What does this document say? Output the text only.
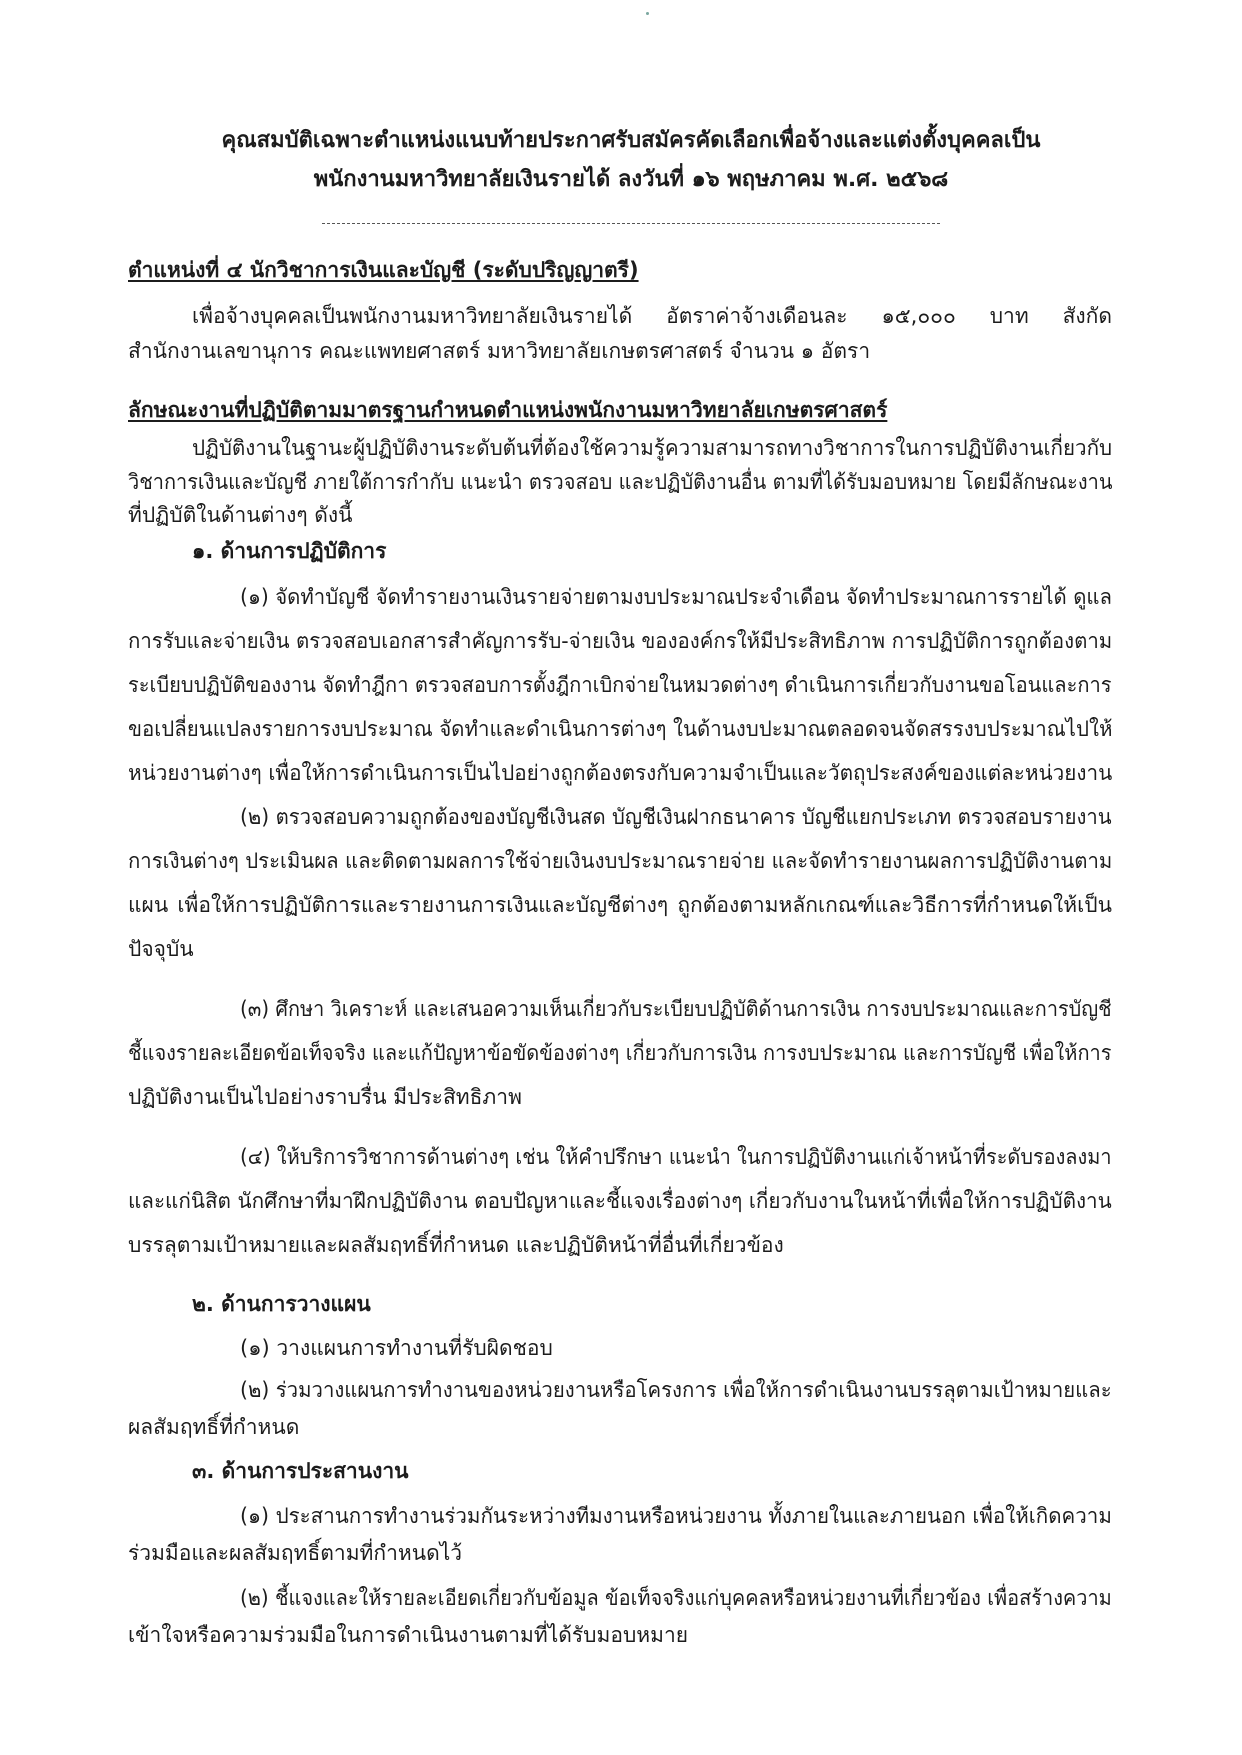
คุณสมบัติเฉพาะตำแหน่งแนบท้ายประกาศรับสมัครคัดเลือกเพื่อจ้างและแต่งตั้งบุคคลเป็น
พนักงานมหาวิทยาลัยเงินรายได้ ลงวันที่ ๑๖ พฤษภาคม พ.ศ. ๒๕๖๘
ตำแหน่งที่ ๔ นักวิชาการเงินและบัญชี (ระดับปริญญาตรี)
เพื่อจ้างบุคคลเป็นพนักงานมหาวิทยาลัยเงินรายได้ อัตราค่าจ้างเดือนละ ๑๕,๐๐๐ บาท สังกัด
สำนักงานเลขานุการ คณะแพทยศาสตร์ มหาวิทยาลัยเกษตรศาสตร์ จำนวน ๑ อัตรา
ลักษณะงานที่ปฏิบัติตามมาตรฐานกำหนดตำแหน่งพนักงานมหาวิทยาลัยเกษตรศาสตร์
ปฏิบัติงานในฐานะผู้ปฏิบัติงานระดับต้นที่ต้องใช้ความรู้ความสามารถทางวิชาการในการปฏิบัติงานเกี่ยวกับ
วิชาการเงินและบัญชี ภายใต้การกำกับ แนะนำ ตรวจสอบ และปฏิบัติงานอื่น ตามที่ได้รับมอบหมาย โดยมีลักษณะงาน
ที่ปฏิบัติในด้านต่างๆ ดังนี้
๑. ด้านการปฏิบัติการ
(๑) จัดทำบัญชี จัดทำรายงานเงินรายจ่ายตามงบประมาณประจำเดือน จัดทำประมาณการรายได้ ดูแล
การรับและจ่ายเงิน ตรวจสอบเอกสารสำคัญการรับ-จ่ายเงิน ขององค์กรให้มีประสิทธิภาพ การปฏิบัติการถูกต้องตาม
ระเบียบปฏิบัติของงาน จัดทำฎีกา ตรวจสอบการตั้งฎีกาเบิกจ่ายในหมวดต่างๆ ดำเนินการเกี่ยวกับงานขอโอนและการ
ขอเปลี่ยนแปลงรายการงบประมาณ จัดทำและดำเนินการต่างๆ ในด้านงบปะมาณตลอดจนจัดสรรงบประมาณไปให้
หน่วยงานต่างๆ เพื่อให้การดำเนินการเป็นไปอย่างถูกต้องตรงกับความจำเป็นและวัตถุประสงค์ของแต่ละหน่วยงาน
(๒) ตรวจสอบความถูกต้องของบัญชีเงินสด บัญชีเงินฝากธนาคาร บัญชีแยกประเภท ตรวจสอบรายงาน
การเงินต่างๆ ประเมินผล และติดตามผลการใช้จ่ายเงินงบประมาณรายจ่าย และจัดทำรายงานผลการปฏิบัติงานตาม
แผน เพื่อให้การปฏิบัติการและรายงานการเงินและบัญชีต่างๆ ถูกต้องตามหลักเกณฑ์และวิธีการที่กำหนดให้เป็น
ปัจจุบัน
(๓) ศึกษา วิเคราะห์ และเสนอความเห็นเกี่ยวกับระเบียบปฏิบัติด้านการเงิน การงบประมาณและการบัญชี
ชี้แจงรายละเอียดข้อเท็จจริง และแก้ปัญหาข้อขัดข้องต่างๆ เกี่ยวกับการเงิน การงบประมาณ และการบัญชี เพื่อให้การ
ปฏิบัติงานเป็นไปอย่างราบรื่น มีประสิทธิภาพ
(๔) ให้บริการวิชาการด้านต่างๆ เช่น ให้คำปรึกษา แนะนำ ในการปฏิบัติงานแก่เจ้าหน้าที่ระดับรองลงมา
และแก่นิสิต นักศึกษาที่มาฝึกปฏิบัติงาน ตอบปัญหาและชี้แจงเรื่องต่างๆ เกี่ยวกับงานในหน้าที่เพื่อให้การปฏิบัติงาน
บรรลุตามเป้าหมายและผลสัมฤทธิ์ที่กำหนด และปฏิบัติหน้าที่อื่นที่เกี่ยวข้อง
๒. ด้านการวางแผน
(๑) วางแผนการทำงานที่รับผิดชอบ
(๒) ร่วมวางแผนการทำงานของหน่วยงานหรือโครงการ เพื่อให้การดำเนินงานบรรลุตามเป้าหมายและ
ผลสัมฤทธิ์ที่กำหนด
๓. ด้านการประสานงาน
(๑) ประสานการทำงานร่วมกันระหว่างทีมงานหรือหน่วยงาน ทั้งภายในและภายนอก เพื่อให้เกิดความ
ร่วมมือและผลสัมฤทธิ์ตามที่กำหนดไว้
(๒) ชี้แจงและให้รายละเอียดเกี่ยวกับข้อมูล ข้อเท็จจริงแก่บุคคลหรือหน่วยงานที่เกี่ยวข้อง เพื่อสร้างความ
เข้าใจหรือความร่วมมือในการดำเนินงานตามที่ได้รับมอบหมาย
